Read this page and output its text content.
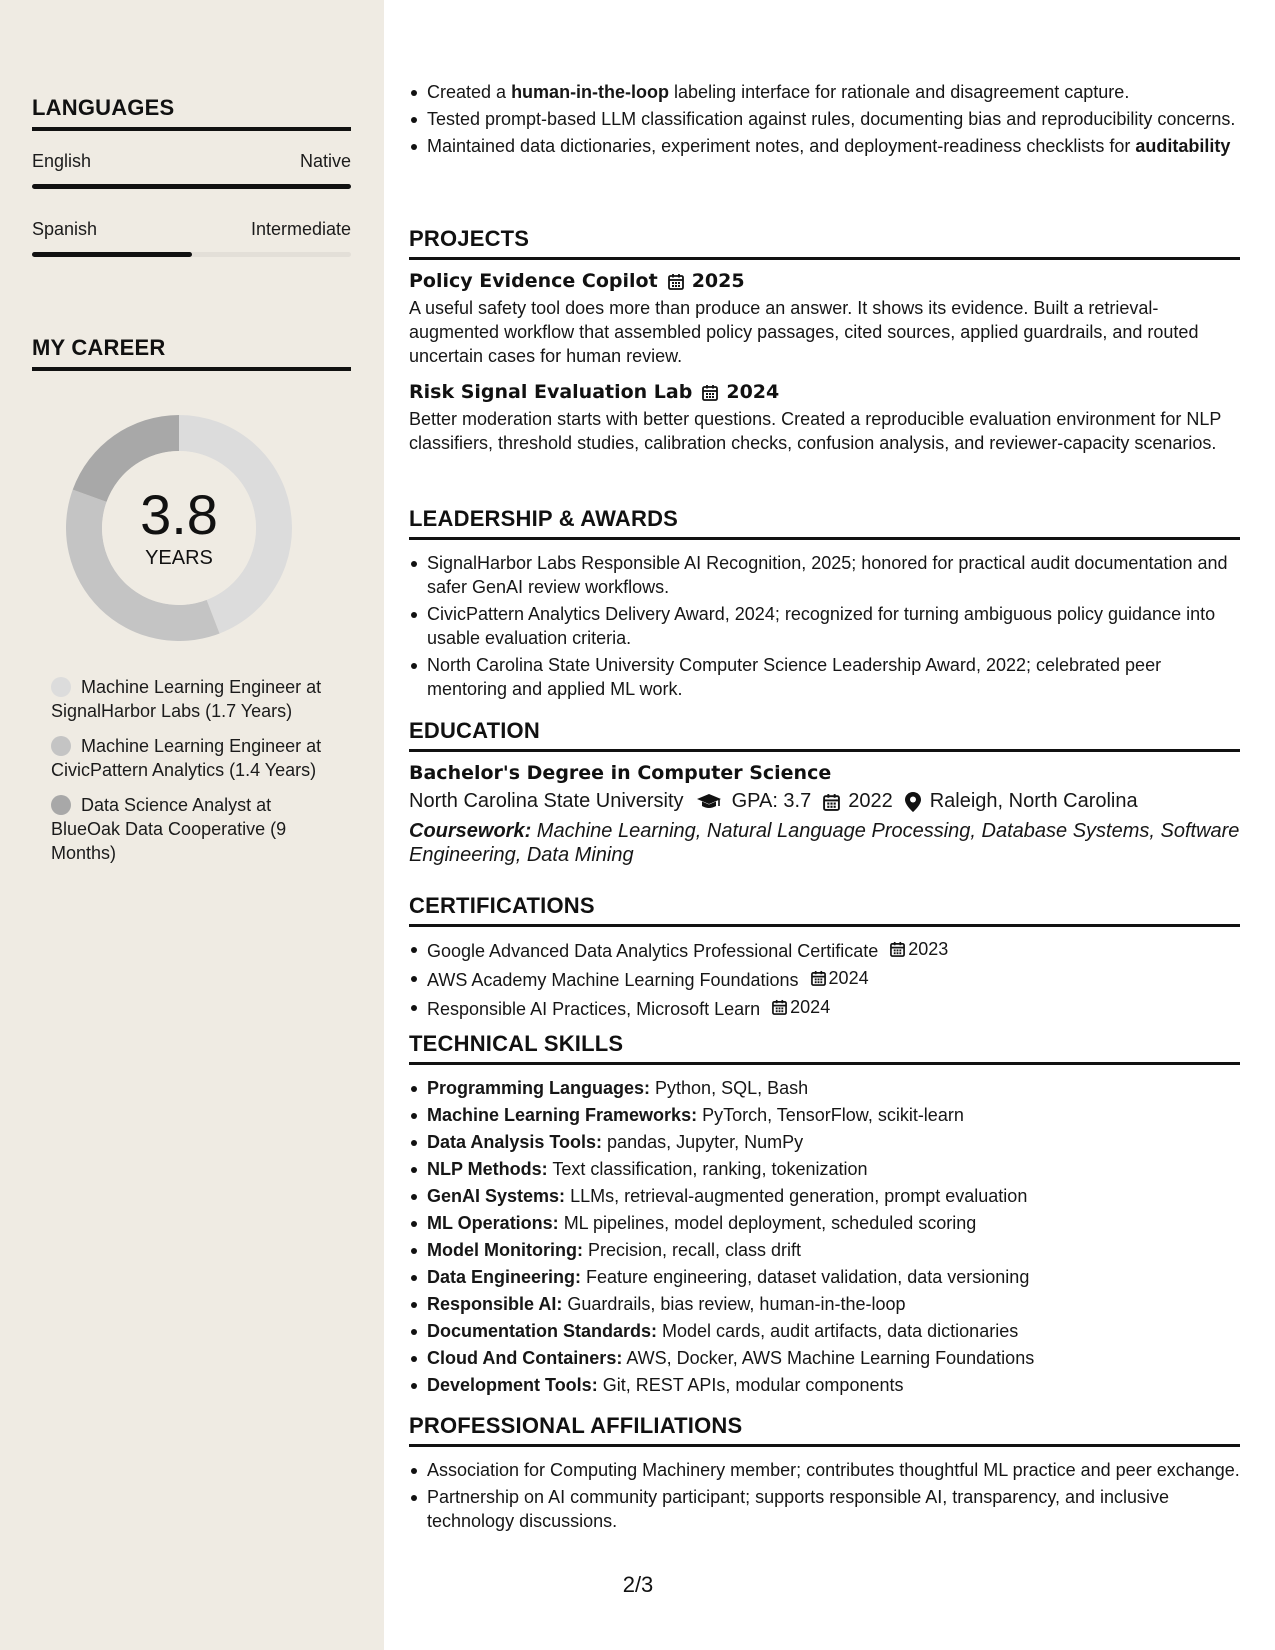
LANGUAGES
English	Native
Spanish	Intermediate
MY CAREER
3.8
YEARS
Machine Learning Engineer at SignalHarbor Labs (1.7 Years)
Machine Learning Engineer at CivicPattern Analytics (1.4 Years)
Data Science Analyst at BlueOak Data Cooperative (9 Months)
Created a human-in-the-loop labeling interface for rationale and disagreement capture.
Tested prompt-based LLM classification against rules, documenting bias and reproducibility concerns.
Maintained data dictionaries, experiment notes, and deployment-readiness checklists for auditability
PROJECTS
Policy Evidence Copilot 2025
A useful safety tool does more than produce an answer. It shows its evidence. Built a retrieval-augmented workflow that assembled policy passages, cited sources, applied guardrails, and routed uncertain cases for human review.
Risk Signal Evaluation Lab 2024
Better moderation starts with better questions. Created a reproducible evaluation environment for NLP classifiers, threshold studies, calibration checks, confusion analysis, and reviewer-capacity scenarios.
LEADERSHIP & AWARDS
SignalHarbor Labs Responsible AI Recognition, 2025; honored for practical audit documentation and safer GenAI review workflows.
CivicPattern Analytics Delivery Award, 2024; recognized for turning ambiguous policy guidance into usable evaluation criteria.
North Carolina State University Computer Science Leadership Award, 2022; celebrated peer mentoring and applied ML work.
EDUCATION
Bachelor's Degree in Computer Science
North Carolina State University GPA: 3.7 2022 Raleigh, North Carolina
Coursework: Machine Learning, Natural Language Processing, Database Systems, Software Engineering, Data Mining
CERTIFICATIONS
Google Advanced Data Analytics Professional Certificate 2023
AWS Academy Machine Learning Foundations 2024
Responsible AI Practices, Microsoft Learn 2024
TECHNICAL SKILLS
Programming Languages: Python, SQL, Bash
Machine Learning Frameworks: PyTorch, TensorFlow, scikit-learn
Data Analysis Tools: pandas, Jupyter, NumPy
NLP Methods: Text classification, ranking, tokenization
GenAI Systems: LLMs, retrieval-augmented generation, prompt evaluation
ML Operations: ML pipelines, model deployment, scheduled scoring
Model Monitoring: Precision, recall, class drift
Data Engineering: Feature engineering, dataset validation, data versioning
Responsible AI: Guardrails, bias review, human-in-the-loop
Documentation Standards: Model cards, audit artifacts, data dictionaries
Cloud And Containers: AWS, Docker, AWS Machine Learning Foundations
Development Tools: Git, REST APIs, modular components
PROFESSIONAL AFFILIATIONS
Association for Computing Machinery member; contributes thoughtful ML practice and peer exchange.
Partnership on AI community participant; supports responsible AI, transparency, and inclusive technology discussions.
2/3
